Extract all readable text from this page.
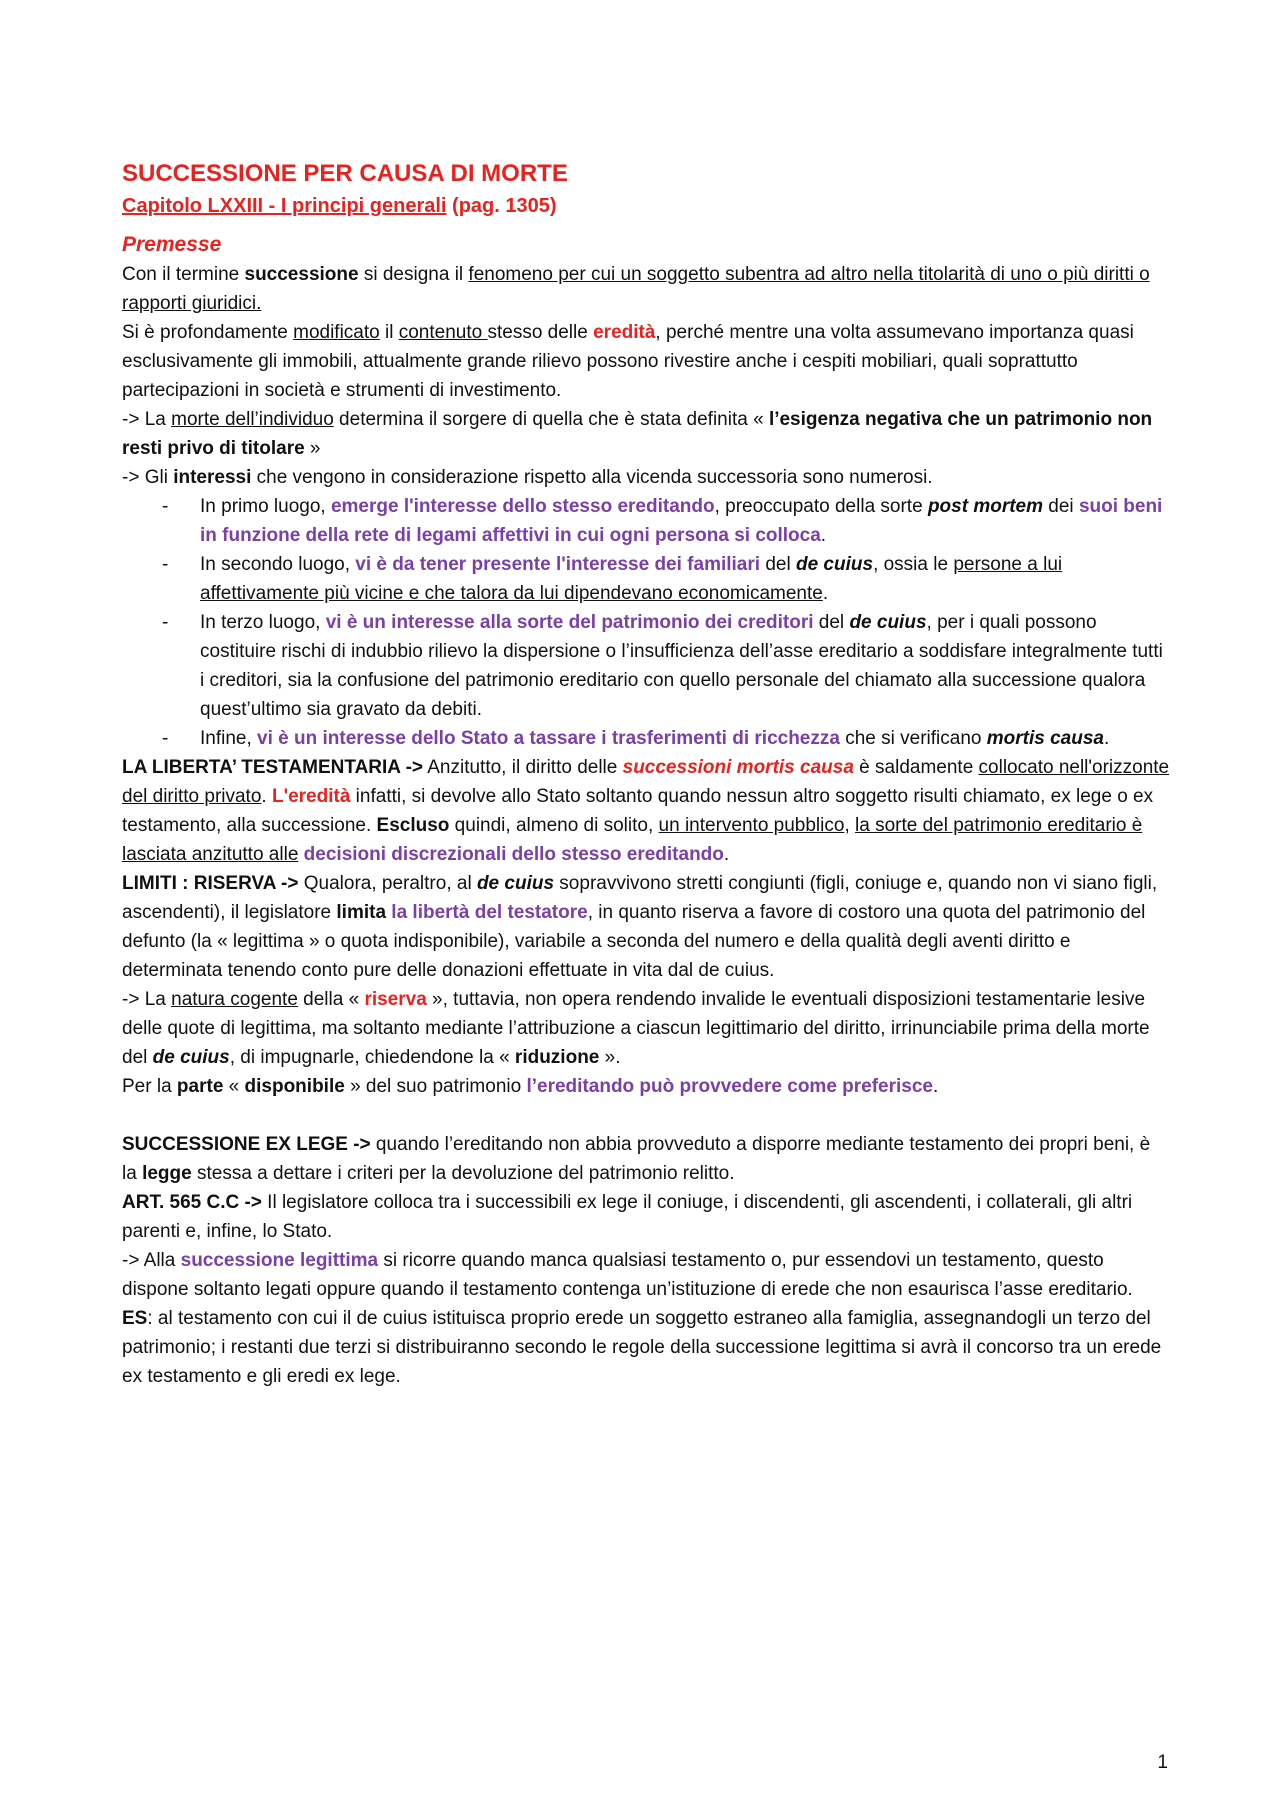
SUCCESSIONE PER CAUSA DI MORTE
Capitolo LXXIII - I principi generali (pag. 1305)
Premesse

Con il termine successione si designa il fenomeno per cui un soggetto subentra ad altro nella titolarità di uno o più diritti o rapporti giuridici.

Si è profondamente modificato il contenuto stesso delle eredità, perché mentre una volta assumevano importanza quasi esclusivamente gli immobili, attualmente grande rilievo possono rivestire anche i cespiti mobiliari, quali soprattutto partecipazioni in società e strumenti di investimento.

-> La morte dell’individuo determina il sorgere di quella che è stata definita « l’esigenza negativa che un patrimonio non resti privo di titolare »

-> Gli interessi che vengono in considerazione rispetto alla vicenda successoria sono numerosi.

- In primo luogo, emerge l'interesse dello stesso ereditando, preoccupato della sorte post mortem dei suoi beni in funzione della rete di legami affettivi in cui ogni persona si colloca.
- In secondo luogo, vi è da tener presente l'interesse dei familiari del de cuius, ossia le persone a lui affettivamente più vicine e che talora da lui dipendevano economicamente.
- In terzo luogo, vi è un interesse alla sorte del patrimonio dei creditori del de cuius, per i quali possono costituire rischi di indubbio rilievo la dispersione o l’insufficienza dell’asse ereditario a soddisfare integralmente tutti i creditori, sia la confusione del patrimonio ereditario con quello personale del chiamato alla successione qualora quest’ultimo sia gravato da debiti.
- Infine, vi è un interesse dello Stato a tassare i trasferimenti di ricchezza che si verificano mortis causa.

LA LIBERTA’ TESTAMENTARIA -> Anzitutto, il diritto delle successioni mortis causa è saldamente collocato nell'orizzonte del diritto privato. L'eredità infatti, si devolve allo Stato soltanto quando nessun altro soggetto risulti chiamato, ex lege o ex testamento, alla successione. Escluso quindi, almeno di solito, un intervento pubblico, la sorte del patrimonio ereditario è lasciata anzitutto alle decisioni discrezionali dello stesso ereditando.

LIMITI : RISERVA -> Qualora, peraltro, al de cuius sopravvivono stretti congiunti (figli, coniuge e, quando non vi siano figli, ascendenti), il legislatore limita la libertà del testatore, in quanto riserva a favore di costoro una quota del patrimonio del defunto (la « legittima » o quota indisponibile), variabile a seconda del numero e della qualità degli aventi diritto e determinata tenendo conto pure delle donazioni effettuate in vita dal de cuius.

-> La natura cogente della « riserva », tuttavia, non opera rendendo invalide le eventuali disposizioni testamentarie lesive delle quote di legittima, ma soltanto mediante l’attribuzione a ciascun legittimario del diritto, irrinunciabile prima della morte del de cuius, di impugnarle, chiedendone la « riduzione ».

Per la parte « disponibile » del suo patrimonio l’ereditando può provvedere come preferisce.

SUCCESSIONE EX LEGE -> quando l’ereditando non abbia provveduto a disporre mediante testamento dei propri beni, è la legge stessa a dettare i criteri per la devoluzione del patrimonio relitto.

ART. 565 C.C -> Il legislatore colloca tra i successibili ex lege il coniuge, i discendenti, gli ascendenti, i collaterali, gli altri parenti e, infine, lo Stato.

-> Alla successione legittima si ricorre quando manca qualsiasi testamento o, pur essendovi un testamento, questo dispone soltanto legati oppure quando il testamento contenga un’istituzione di erede che non esaurisca l’asse ereditario.

ES: al testamento con cui il de cuius istituisca proprio erede un soggetto estraneo alla famiglia, assegnandogli un terzo del patrimonio; i restanti due terzi si distribuiranno secondo le regole della successione legittima si avrà il concorso tra un erede ex testamento e gli eredi ex lege.

1
